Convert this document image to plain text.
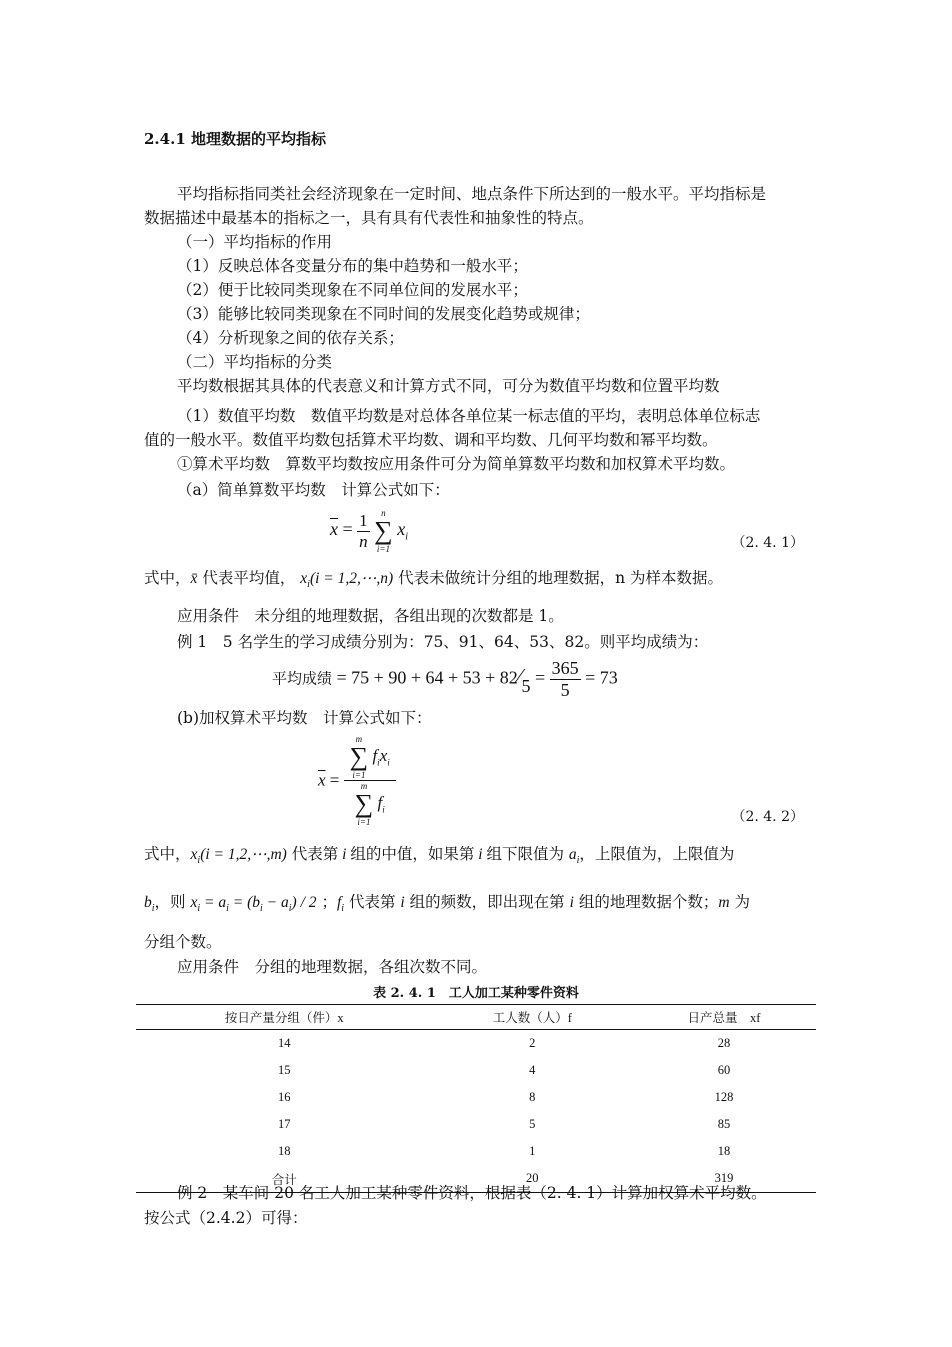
2.4.1 地理数据的平均指标
平均指标指同类社会经济现象在一定时间、地点条件下所达到的一般水平。平均指标是
数据描述中最基本的指标之一，具有具有代表性和抽象性的特点。
（一）平均指标的作用
（1）反映总体各变量分布的集中趋势和一般水平；
（2）便于比较同类现象在不同单位间的发展水平；
（3）能够比较同类现象在不同时间的发展变化趋势或规律；
（4）分析现象之间的依存关系；
（二）平均指标的分类
平均数根据其具体的代表意义和计算方式不同，可分为数值平均数和位置平均数
（1）数值平均数　数值平均数是对总体各单位某一标志值的平均，表明总体单位标志
值的一般水平。数值平均数包括算术平均数、调和平均数、几何平均数和幂平均数。
①算术平均数　算数平均数按应用条件可分为简单算数平均数和加权算术平均数。
（a）简单算数平均数　计算公式如下：
$\overline{x} = \frac{1}{n}$
	n
∑
i=1
$x_i$	（2. 4. 1）
式中，x̄ 代表平均值， $x_i(i$ = 1,2,⋯,n) 代表未做统计分组的地理数据，n 为样本数据。
应用条件　未分组的地理数据，各组出现的次数都是 1。
例 1　5 名学生的学习成绩分别为：75、91、64、53、82。则平均成绩为：
平均成绩 = 75 + 90 + 64 + 53 + 82⁄5 = $\frac{365}{5} = 73$
(b)加权算术平均数　计算公式如下：
$\overline{x} = m$
∑
i=1
$f_ix_i$
m
∑
i=1
$f_i$	（2. 4. 2）
式中，$x_i(i$ = 1,2,⋯,m) 代表第 i 组的中值，如果第 i 组下限值为 $a_i$，上限值为，上限值为
$b_i$，则 $x_i = a_i = (b_i - a_i) / 2$ ；$f_i$ 代表第 i 组的频数，即出现在第 i 组的地理数据个数；m 为
分组个数。
应用条件　分组的地理数据，各组次数不同。
表 2. 4. 1　工人加工某种零件资料
按日产量分组（件）x	工人数（人）f	日产总量　xf
14	2	28
15	4	60
16	8	128
17	5	85
18	1	18
合计	20	319
例 2　某车间 20 名工人加工某种零件资料，根据表（2. 4. 1）计算加权算术平均数。
按公式（2.4.2）可得：
